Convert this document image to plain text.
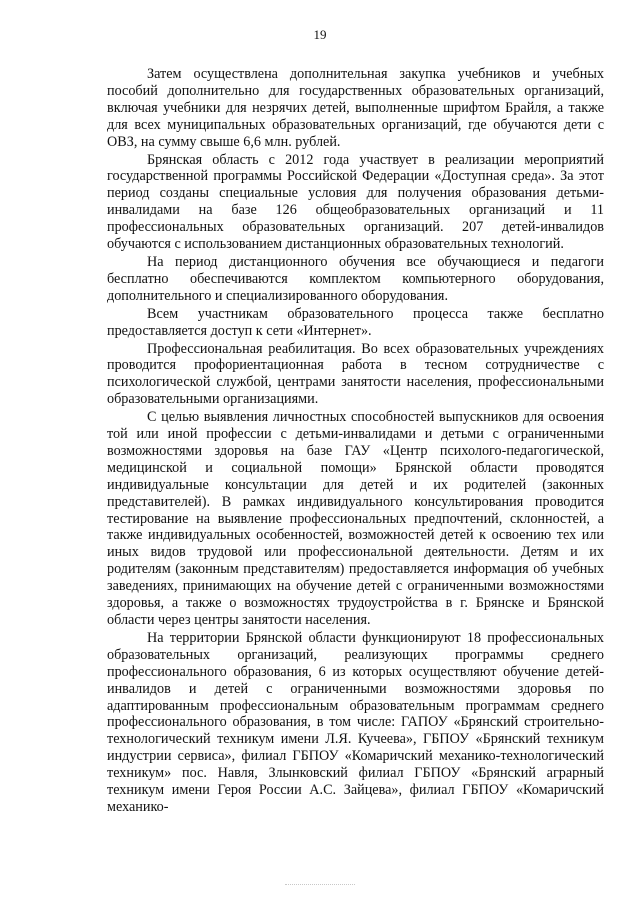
19

Затем осуществлена дополнительная закупка учебников и учебных пособий дополнительно для государственных образовательных организаций, включая учебники для незрячих детей, выполненные шрифтом Брайля, а также для всех муниципальных образовательных организаций, где обучаются дети с ОВЗ, на сумму свыше 6,6 млн. рублей.

Брянская область с 2012 года участвует в реализации мероприятий государственной программы Российской Федерации «Доступная среда». За этот период созданы специальные условия для получения образования детьми-инвалидами на базе 126 общеобразовательных организаций и 11 профессиональных образовательных организаций. 207 детей-инвалидов обучаются с использованием дистанционных образовательных технологий.

На период дистанционного обучения все обучающиеся и педагоги бесплатно обеспечиваются комплектом компьютерного оборудования, дополнительного и специализированного оборудования.

Всем участникам образовательного процесса также бесплатно предоставляется доступ к сети «Интернет».

Профессиональная реабилитация. Во всех образовательных учреждениях проводится профориентационная работа в тесном сотрудничестве с психологической службой, центрами занятости населения, профессиональными образовательными организациями.

С целью выявления личностных способностей выпускников для освоения той или иной профессии с детьми-инвалидами и детьми с ограниченными возможностями здоровья на базе ГАУ «Центр психолого-педагогической, медицинской и социальной помощи» Брянской области проводятся индивидуальные консультации для детей и их родителей (законных представителей). В рамках индивидуального консультирования проводится тестирование на выявление профессиональных предпочтений, склонностей, а также индивидуальных особенностей, возможностей детей к освоению тех или иных видов трудовой или профессиональной деятельности. Детям и их родителям (законным представителям) предоставляется информация об учебных заведениях, принимающих на обучение детей с ограниченными возможностями здоровья, а также о возможностях трудоустройства в г. Брянске и Брянской области через центры занятости населения.

На территории Брянской области функционируют 18 профессиональных образовательных организаций, реализующих программы среднего профессионального образования, 6 из которых осуществляют обучение детей-инвалидов и детей с ограниченными возможностями здоровья по адаптированным профессиональным образовательным программам среднего профессионального образования, в том числе: ГАПОУ «Брянский строительно-технологический техникум имени Л.Я. Кучеева», ГБПОУ «Брянский техникум индустрии сервиса», филиал ГБПОУ «Комаричский механико-технологический техникум» пос. Навля, Злынковский филиал ГБПОУ «Брянский аграрный техникум имени Героя России А.С. Зайцева», филиал ГБПОУ «Комаричский механико-
